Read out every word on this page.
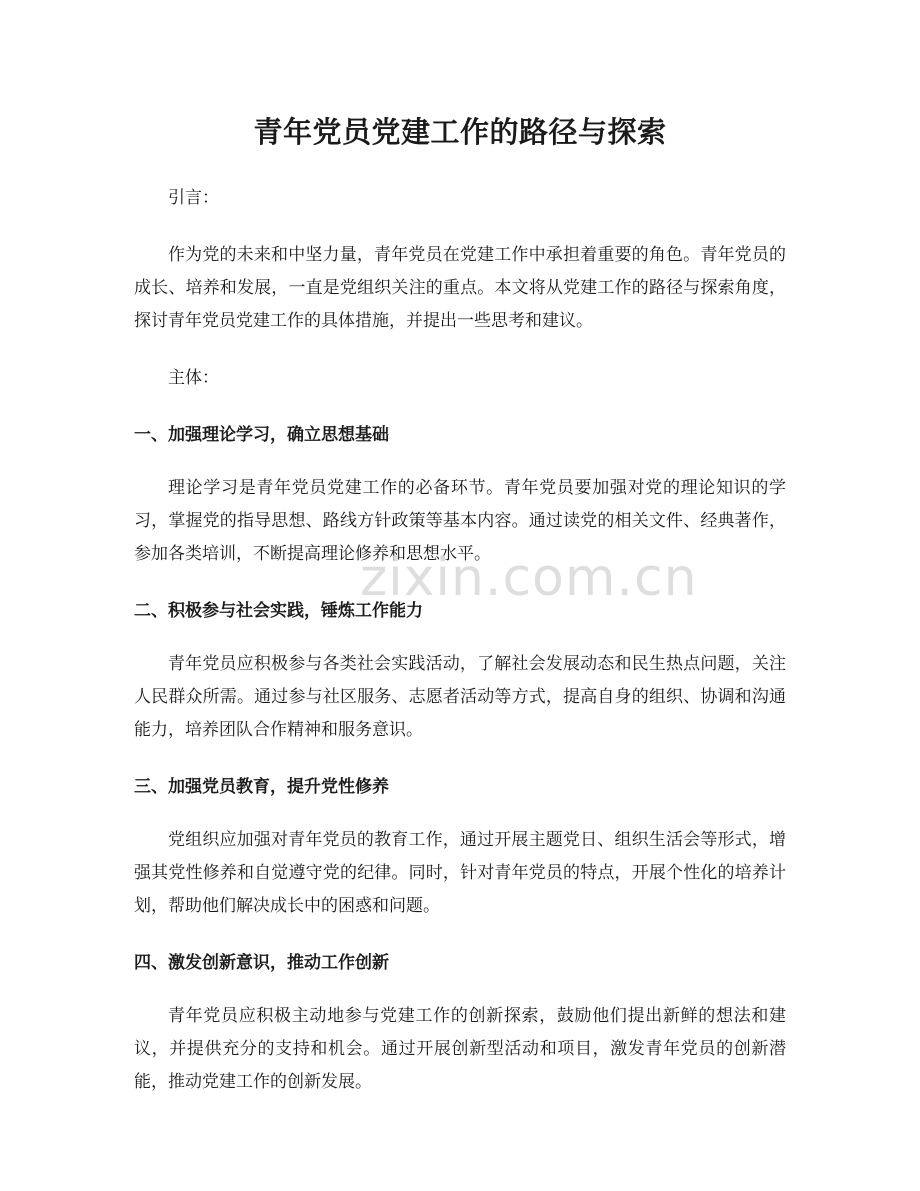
青年党员党建工作的路径与探索

引言：

作为党的未来和中坚力量，青年党员在党建工作中承担着重要的角色。青年党员的成长、培养和发展，一直是党组织关注的重点。本文将从党建工作的路径与探索角度，探讨青年党员党建工作的具体措施，并提出一些思考和建议。

主体：

一、加强理论学习，确立思想基础

理论学习是青年党员党建工作的必备环节。青年党员要加强对党的理论知识的学习，掌握党的指导思想、路线方针政策等基本内容。通过读党的相关文件、经典著作，参加各类培训，不断提高理论修养和思想水平。

二、积极参与社会实践，锤炼工作能力

青年党员应积极参与各类社会实践活动，了解社会发展动态和民生热点问题，关注人民群众所需。通过参与社区服务、志愿者活动等方式，提高自身的组织、协调和沟通能力，培养团队合作精神和服务意识。

三、加强党员教育，提升党性修养

党组织应加强对青年党员的教育工作，通过开展主题党日、组织生活会等形式，增强其党性修养和自觉遵守党的纪律。同时，针对青年党员的特点，开展个性化的培养计划，帮助他们解决成长中的困惑和问题。

四、激发创新意识，推动工作创新

青年党员应积极主动地参与党建工作的创新探索，鼓励他们提出新鲜的想法和建议，并提供充分的支持和机会。通过开展创新型活动和项目，激发青年党员的创新潜能，推动党建工作的创新发展。

zixin.com.cn
